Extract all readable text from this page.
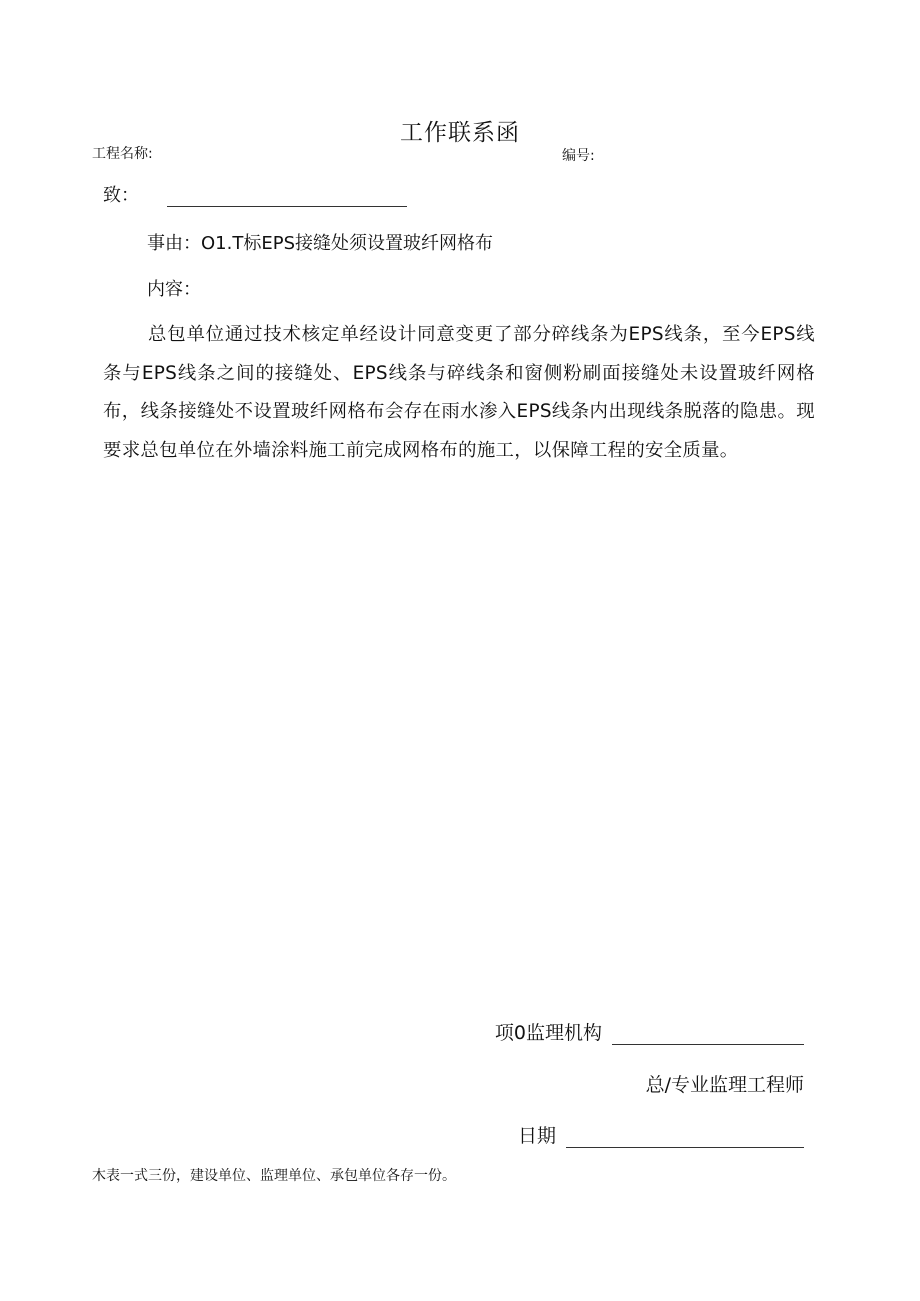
工作联系函
工程名称:	编号:
致：
事由：O1.T标EPS接缝处须设置玻纤网格布
内容：
总包单位通过技术核定单经设计同意变更了部分碎线条为EPS线条，至今EPS线条与EPS线条之间的接缝处、EPS线条与碎线条和窗侧粉刷面接缝处未设置玻纤网格布，线条接缝处不设置玻纤网格布会存在雨水渗入EPS线条内出现线条脱落的隐患。现要求总包单位在外墙涂料施工前完成网格布的施工，以保障工程的安全质量。
项0监理机构
总/专业监理工程师
日期
木表一式三份，建设单位、监理单位、承包单位各存一份。
